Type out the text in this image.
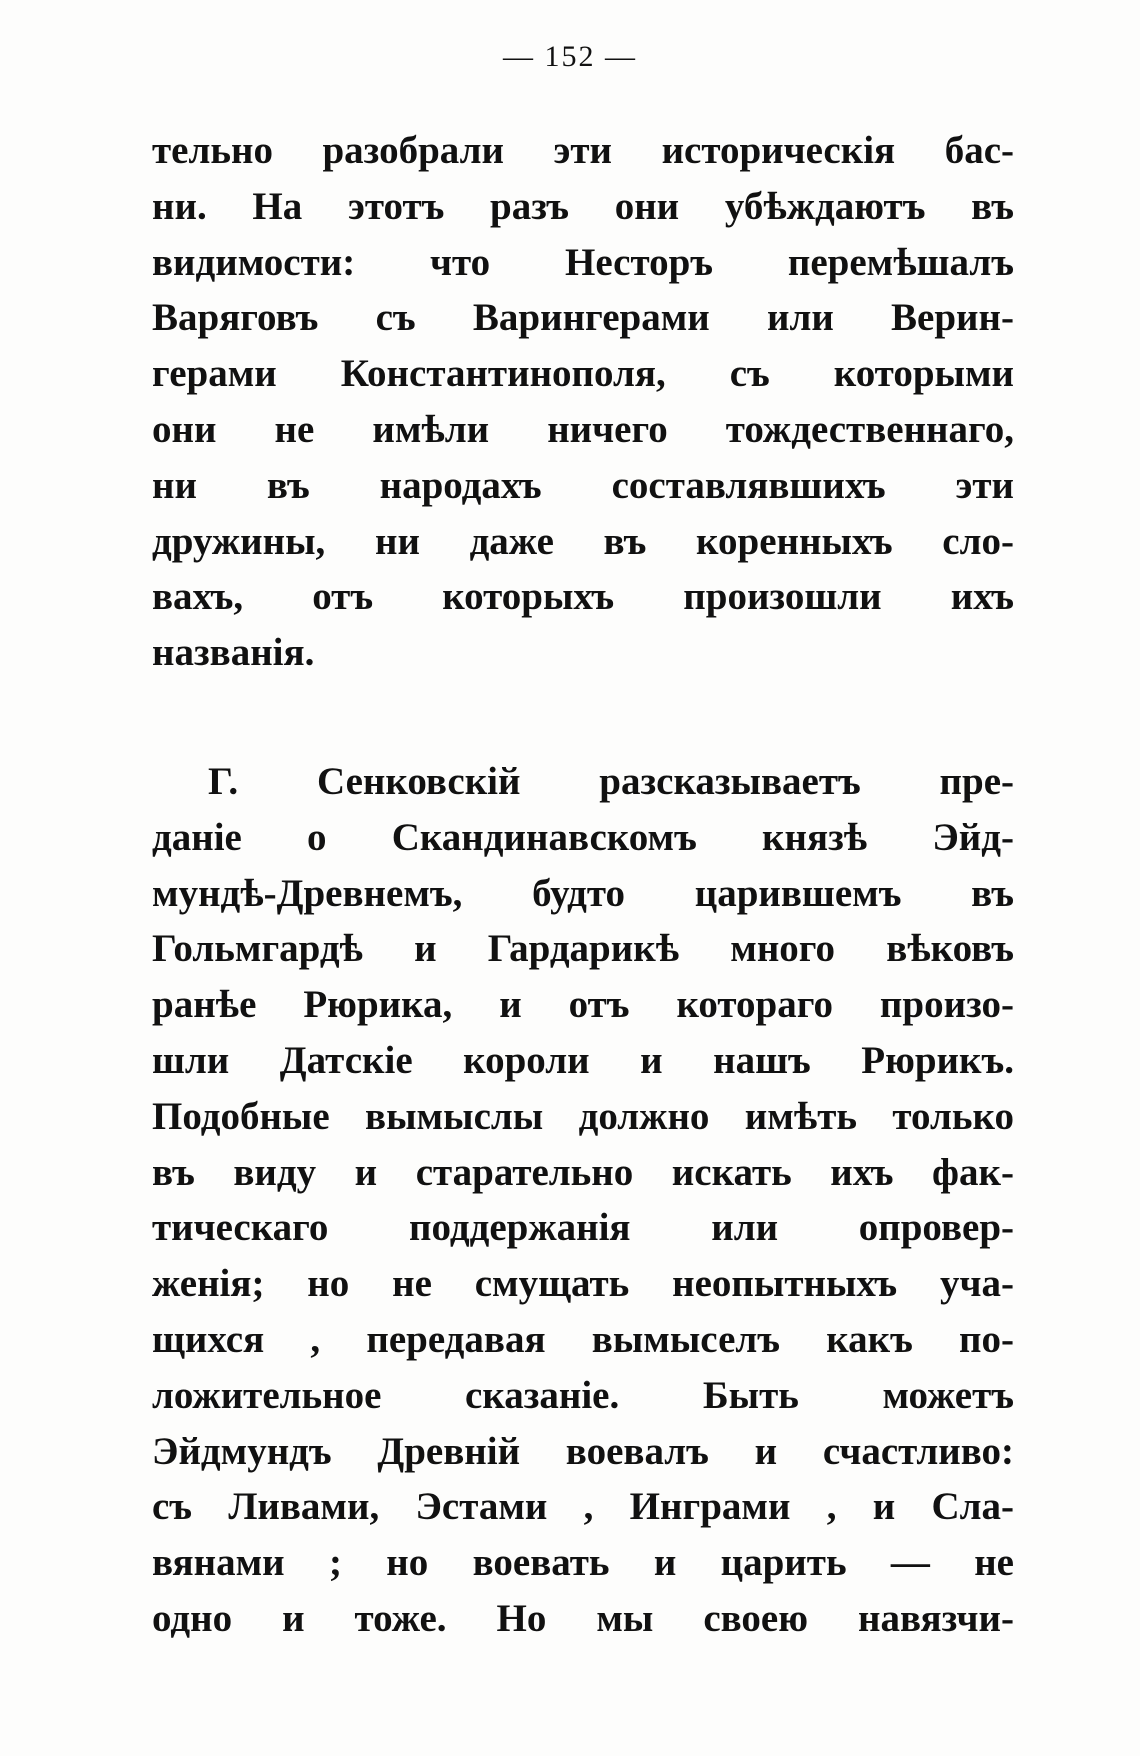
— 152 —
тельно разобрали эти историческія бас-
ни. На этотъ разъ они убѣждаютъ въ
видимости: что Несторъ перемѣшалъ
Варяговъ съ Варингерами или Верин-
герами Константинополя, съ которыми
они не имѣли ничего тождественнаго,
ни въ народахъ составлявшихъ эти
дружины, ни даже въ коренныхъ сло-
вахъ, отъ которыхъ произошли ихъ
названія.
Г. Сенковскій разсказываетъ пре-
даніе о Скандинавскомъ князѣ Эйд-
мундѣ-Древнемъ, будто царившемъ въ
Гольмгардѣ и Гардарикѣ много вѣковъ
ранѣе Рюрика, и отъ котораго произо-
шли Датскіе короли и нашъ Рюрикъ.
Подобные вымыслы должно имѣть только
въ виду и старательно искать ихъ фак-
тическаго поддержанія или опровер-
женія; но не смущать неопытныхъ уча-
щихся , передавая вымыселъ какъ по-
ложительное сказаніе. Быть можетъ
Эйдмундъ Древній воевалъ и счастливо:
съ Ливами, Эстами , Инграми , и Сла-
вянами ; но воевать и царить — не
одно и тоже. Но мы своею навязчи-
